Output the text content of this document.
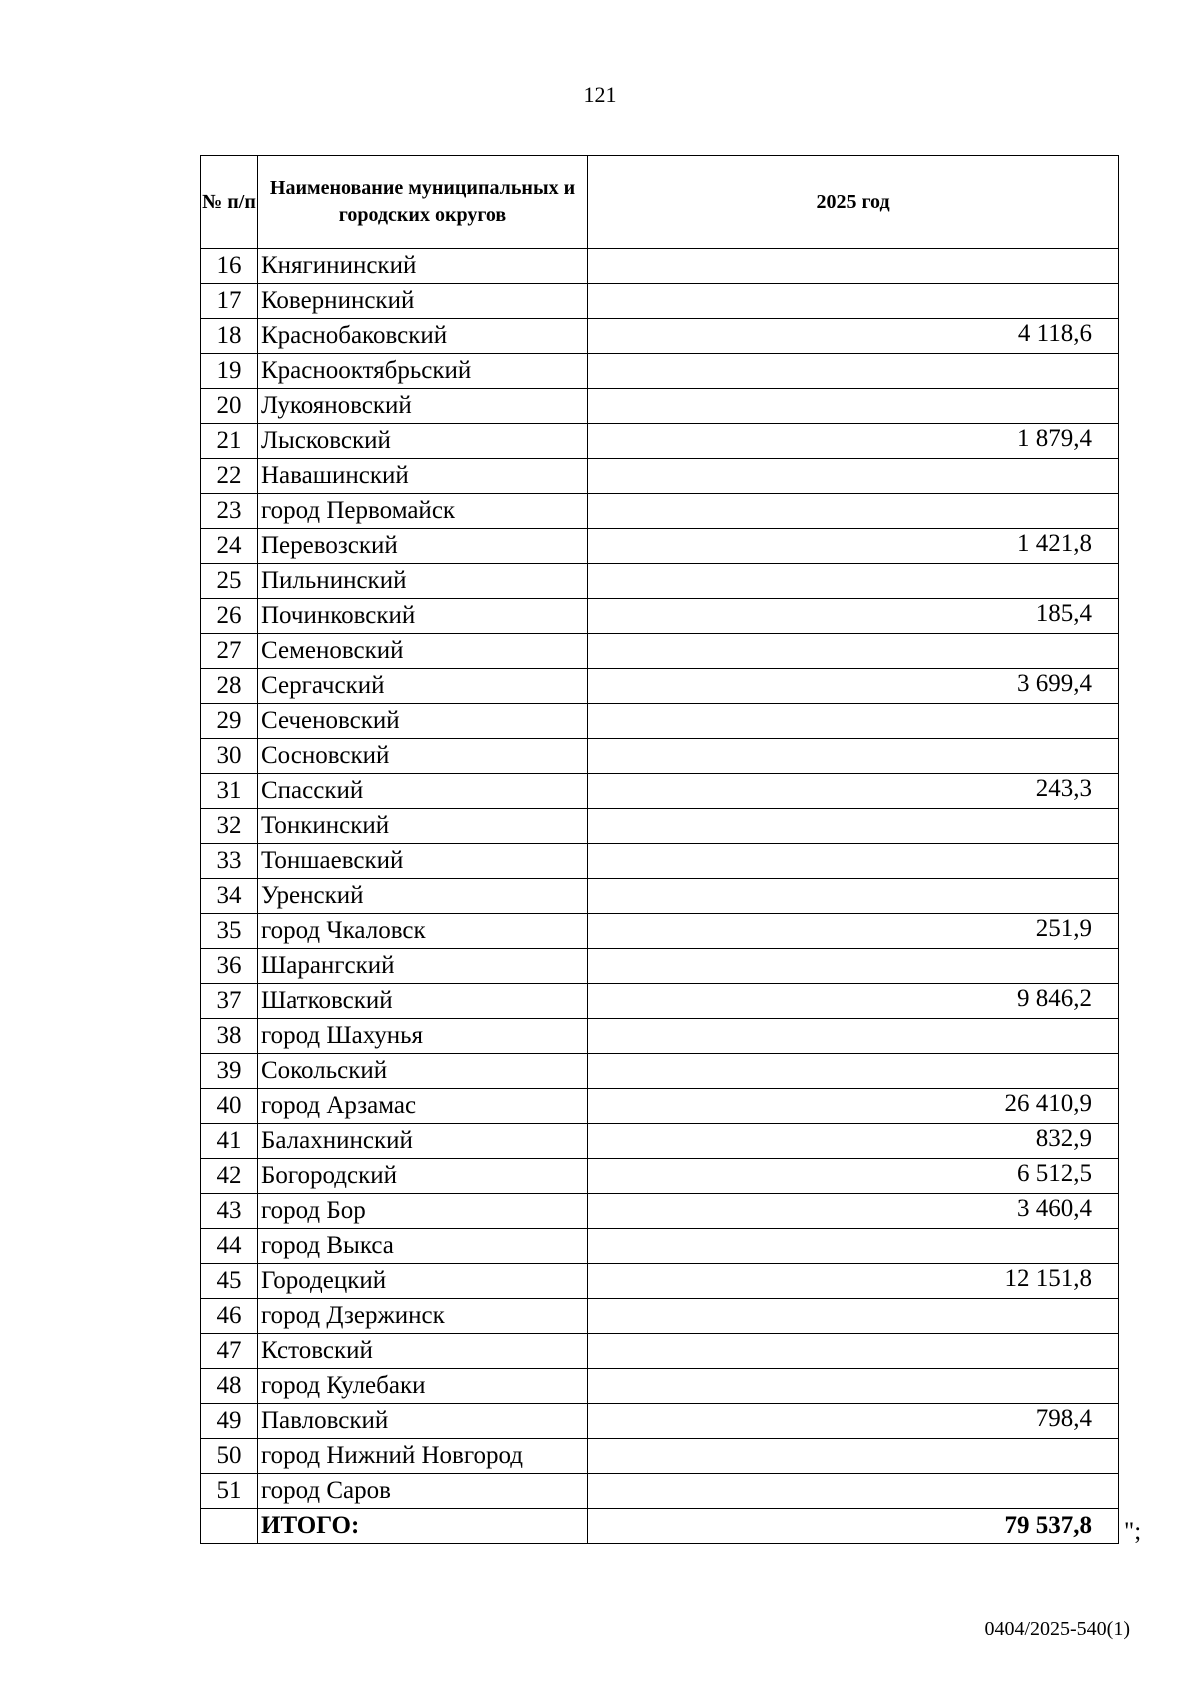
121
№ п/п	Наименование муниципальных и городских округов	2025 год
16	Княгининский	
17	Ковернинский	
18	Краснобаковский	4 118,6
19	Краснооктябрьский	
20	Лукояновский	
21	Лысковский	1 879,4
22	Навашинский	
23	город Первомайск	
24	Перевозский	1 421,8
25	Пильнинский	
26	Починковский	185,4
27	Семеновский	
28	Сергачский	3 699,4
29	Сеченовский	
30	Сосновский	
31	Спасский	243,3
32	Тонкинский	
33	Тоншаевский	
34	Уренский	
35	город Чкаловск	251,9
36	Шарангский	
37	Шатковский	9 846,2
38	город Шахунья	
39	Сокольский	
40	город Арзамас	26 410,9
41	Балахнинский	832,9
42	Богородский	6 512,5
43	город Бор	3 460,4
44	город Выкса	
45	Городецкий	12 151,8
46	город Дзержинск	
47	Кстовский	
48	город Кулебаки	
49	Павловский	798,4
50	город Нижний Новгород	
51	город Саров	
	ИТОГО:	79 537,8 ";
0404/2025-540(1)
